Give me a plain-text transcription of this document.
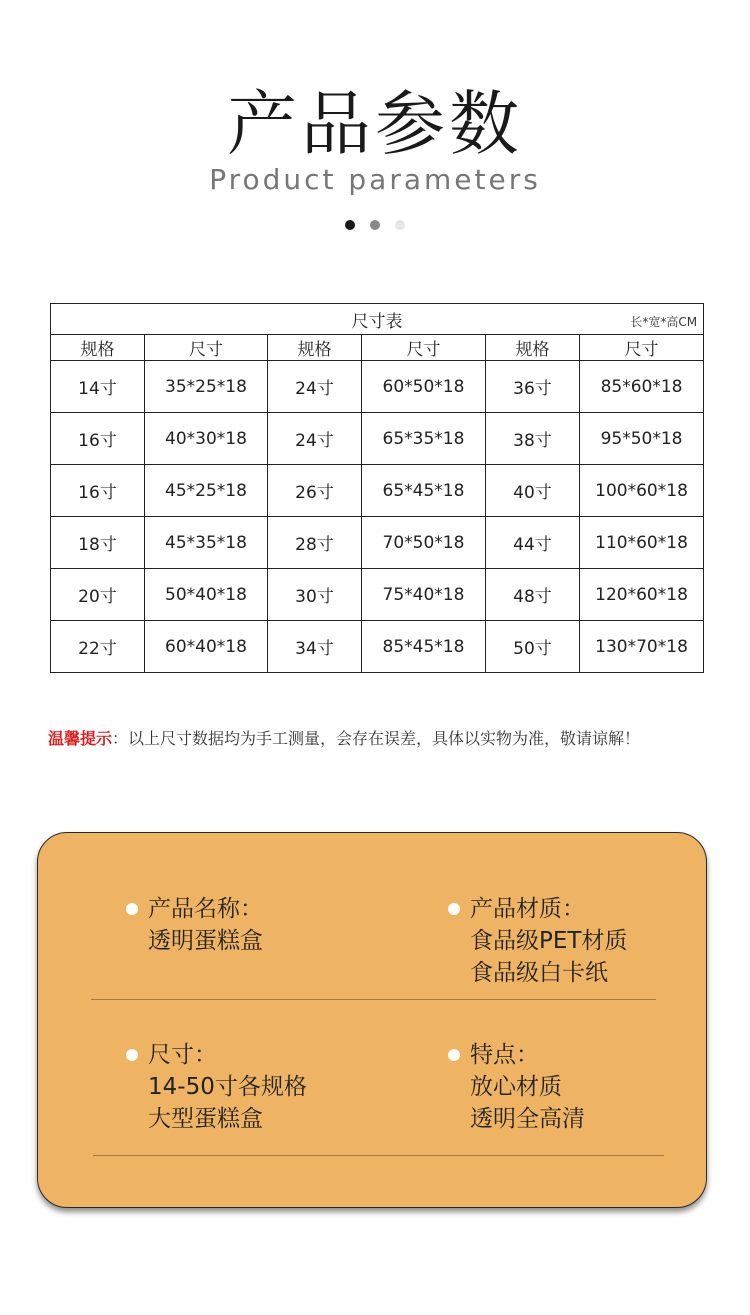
产品参数
Product parameters

尺寸表 长*宽*高CM					

规格	尺寸	规格	尺寸	规格	尺寸
14寸	35*25*18	24寸	60*50*18	36寸	85*60*18
16寸	40*30*18	24寸	65*35*18	38寸	95*50*18
16寸	45*25*18	26寸	65*45*18	40寸	100*60*18
18寸	45*35*18	28寸	70*50*18	44寸	110*60*18
20寸	50*40*18	30寸	75*40*18	48寸	120*60*18
22寸	60*40*18	34寸	85*45*18	50寸	130*70*18
温馨提示：以上尺寸数据均为手工测量，会存在误差，具体以实物为准，敬请谅解！
产品名称：
透明蛋糕盒
产品材质：
食品级PET材质
食品级白卡纸
尺寸：
14-50寸各规格
大型蛋糕盒
特点：
放心材质
透明全高清
